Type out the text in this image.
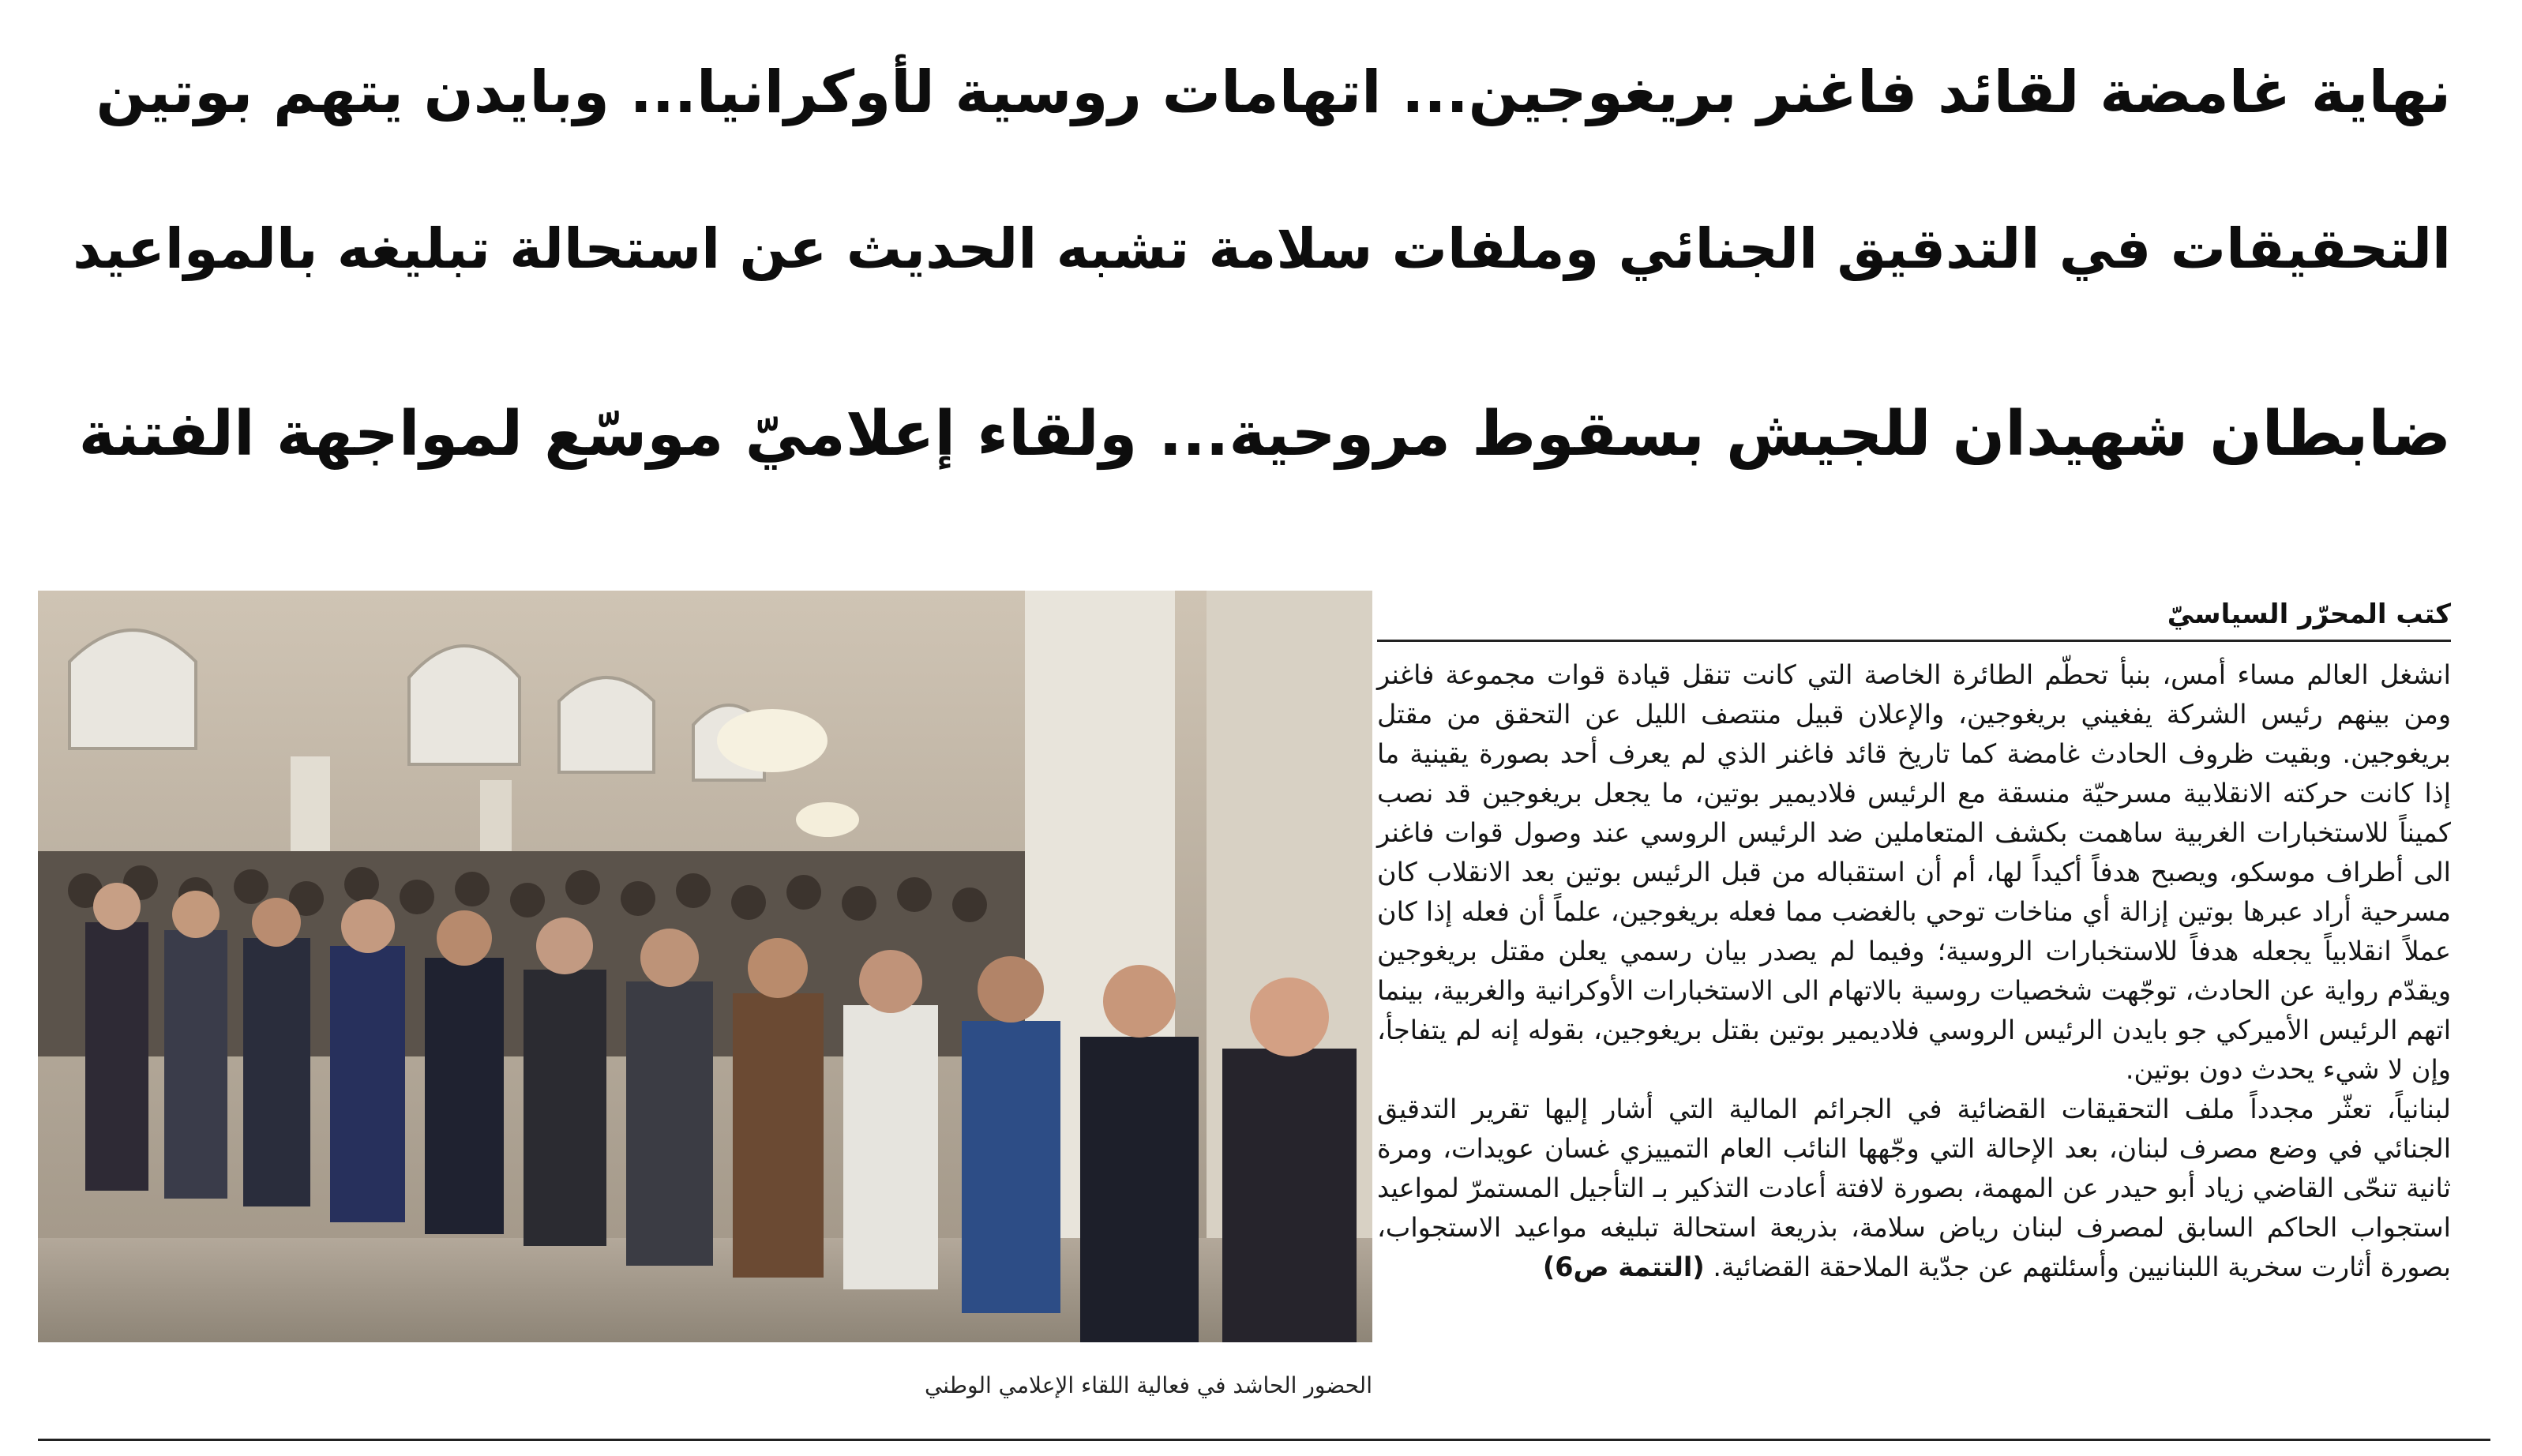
نهاية غامضة لقائد فاغنر بريغوجين... اتهامات روسية لأوكرانيا... وبايدن يتهم بوتين
التحقيقات في التدقيق الجنائي وملفات سلامة تشبه الحديث عن استحالة تبليغه بالمواعيد
ضابطان شهيدان للجيش بسقوط مروحية... ولقاء إعلاميّ موسّع لمواجهة الفتنة
الحضور الحاشد في فعالية اللقاء الإعلامي الوطني
كتب المحرّر السياسيّ

انشغل العالم مساء أمس، بنبأ تحطّم الطائرة الخاصة التي كانت تنقل قيادة قوات مجموعة فاغنر ومن بينهم رئيس الشركة يفغيني بريغوجين، والإعلان قبيل منتصف الليل عن التحقق من مقتل بريغوجين. وبقيت ظروف الحادث غامضة كما تاريخ قائد فاغنر الذي لم يعرف أحد بصورة يقينية ما إذا كانت حركته الانقلابية مسرحيّة منسقة مع الرئيس فلاديمير بوتين، ما يجعل بريغوجين قد نصب كميناً للاستخبارات الغربية ساهمت بكشف المتعاملين ضد الرئيس الروسي عند وصول قوات فاغنر الى أطراف موسكو، ويصبح هدفاً أكيداً لها، أم أن استقباله من قبل الرئيس بوتين بعد الانقلاب كان مسرحية أراد عبرها بوتين إزالة أي مناخات توحي بالغضب مما فعله بريغوجين، علماً أن فعله إذا كان عملاً انقلابياً يجعله هدفاً للاستخبارات الروسية؛ وفيما لم يصدر بيان رسمي يعلن مقتل بريغوجين ويقدّم رواية عن الحادث، توجّهت شخصيات روسية بالاتهام الى الاستخبارات الأوكرانية والغربية، بينما اتهم الرئيس الأميركي جو بايدن الرئيس الروسي فلاديمير بوتين بقتل بريغوجين، بقوله إنه لم يتفاجأ، وإن لا شيء يحدث دون بوتين.

لبنانياً، تعثّر مجدداً ملف التحقيقات القضائية في الجرائم المالية التي أشار إليها تقرير التدقيق الجنائي في وضع مصرف لبنان، بعد الإحالة التي وجّهها النائب العام التمييزي غسان عويدات، ومرة ثانية تنحّى القاضي زياد أبو حيدر عن المهمة، بصورة لافتة أعادت التذكير بـ التأجيل المستمرّ لمواعيد استجواب الحاكم السابق لمصرف لبنان رياض سلامة، بذريعة استحالة تبليغه مواعيد الاستجواب، بصورة أثارت سخرية اللبنانيين وأسئلتهم عن جدّية الملاحقة القضائية. (التتمة ص6)
